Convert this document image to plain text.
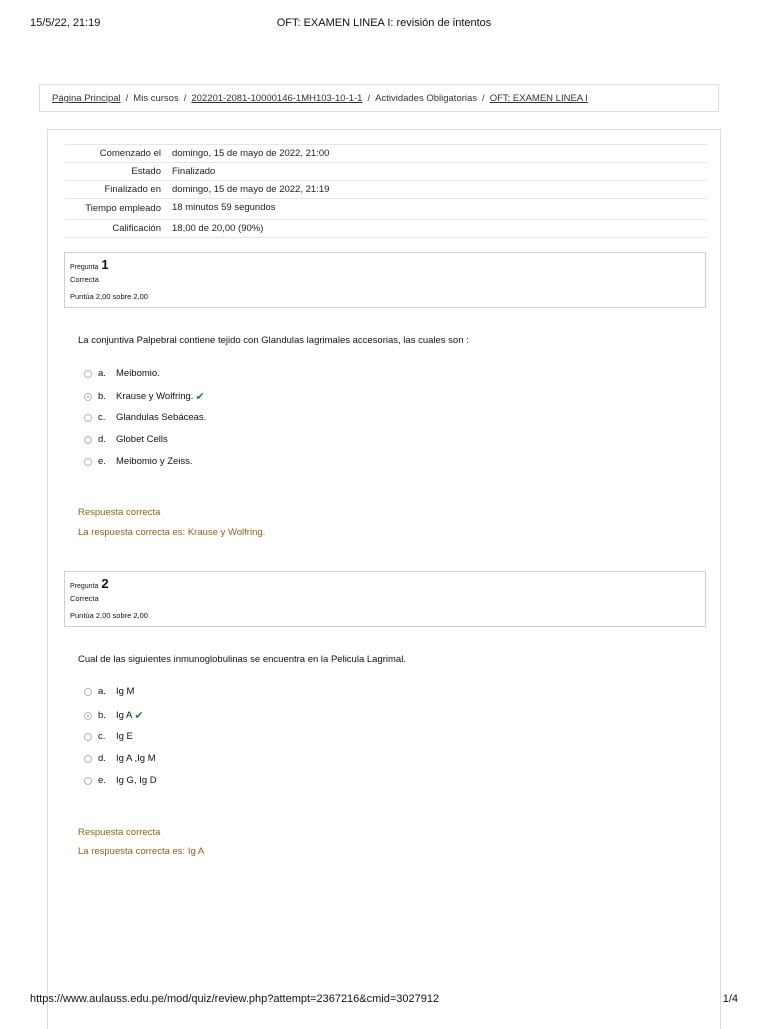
15/5/22, 21:19	OFT: EXAMEN LINEA I: revisión de intentos
Página Principal / Mis cursos / 202201-2081-10000146-1MH103-10-1-1 / Actividades Obligatorias / OFT: EXAMEN LINEA I
Comenzado el	domingo, 15 de mayo de 2022, 21:00
Estado	Finalizado
Finalizado en	domingo, 15 de mayo de 2022, 21:19
Tiempo empleado	18 minutos 59 segundos
Calificación	18,00 de 20,00 (90%)
Pregunta 1
Correcta
Puntúa 2,00 sobre 2,00
La conjuntiva Palpebral contiene tejido con Glandulas lagrimales accesorias, las cuales son :
a.	Meibomio.
b.	Krause y Wolfring. ✔
c.	Glandulas Sebáceas.
d.	Globet Cells
e.	Meibomio y Zeiss.
Respuesta correcta
La respuesta correcta es: Krause y Wolfring.
Pregunta 2
Correcta
Puntúa 2,00 sobre 2,00
Cual de las siguientes inmunoglobulinas se encuentra en la Pelicula Lagrimal.
a.	Ig M
b.	Ig A ✔
c.	Ig E
d.	Ig A ,Ig M
e.	Ig G, Ig D
Respuesta correcta
La respuesta correcta es: Ig A
https://www.aulauss.edu.pe/mod/quiz/review.php?attempt=2367216&cmid=3027912	1/4
